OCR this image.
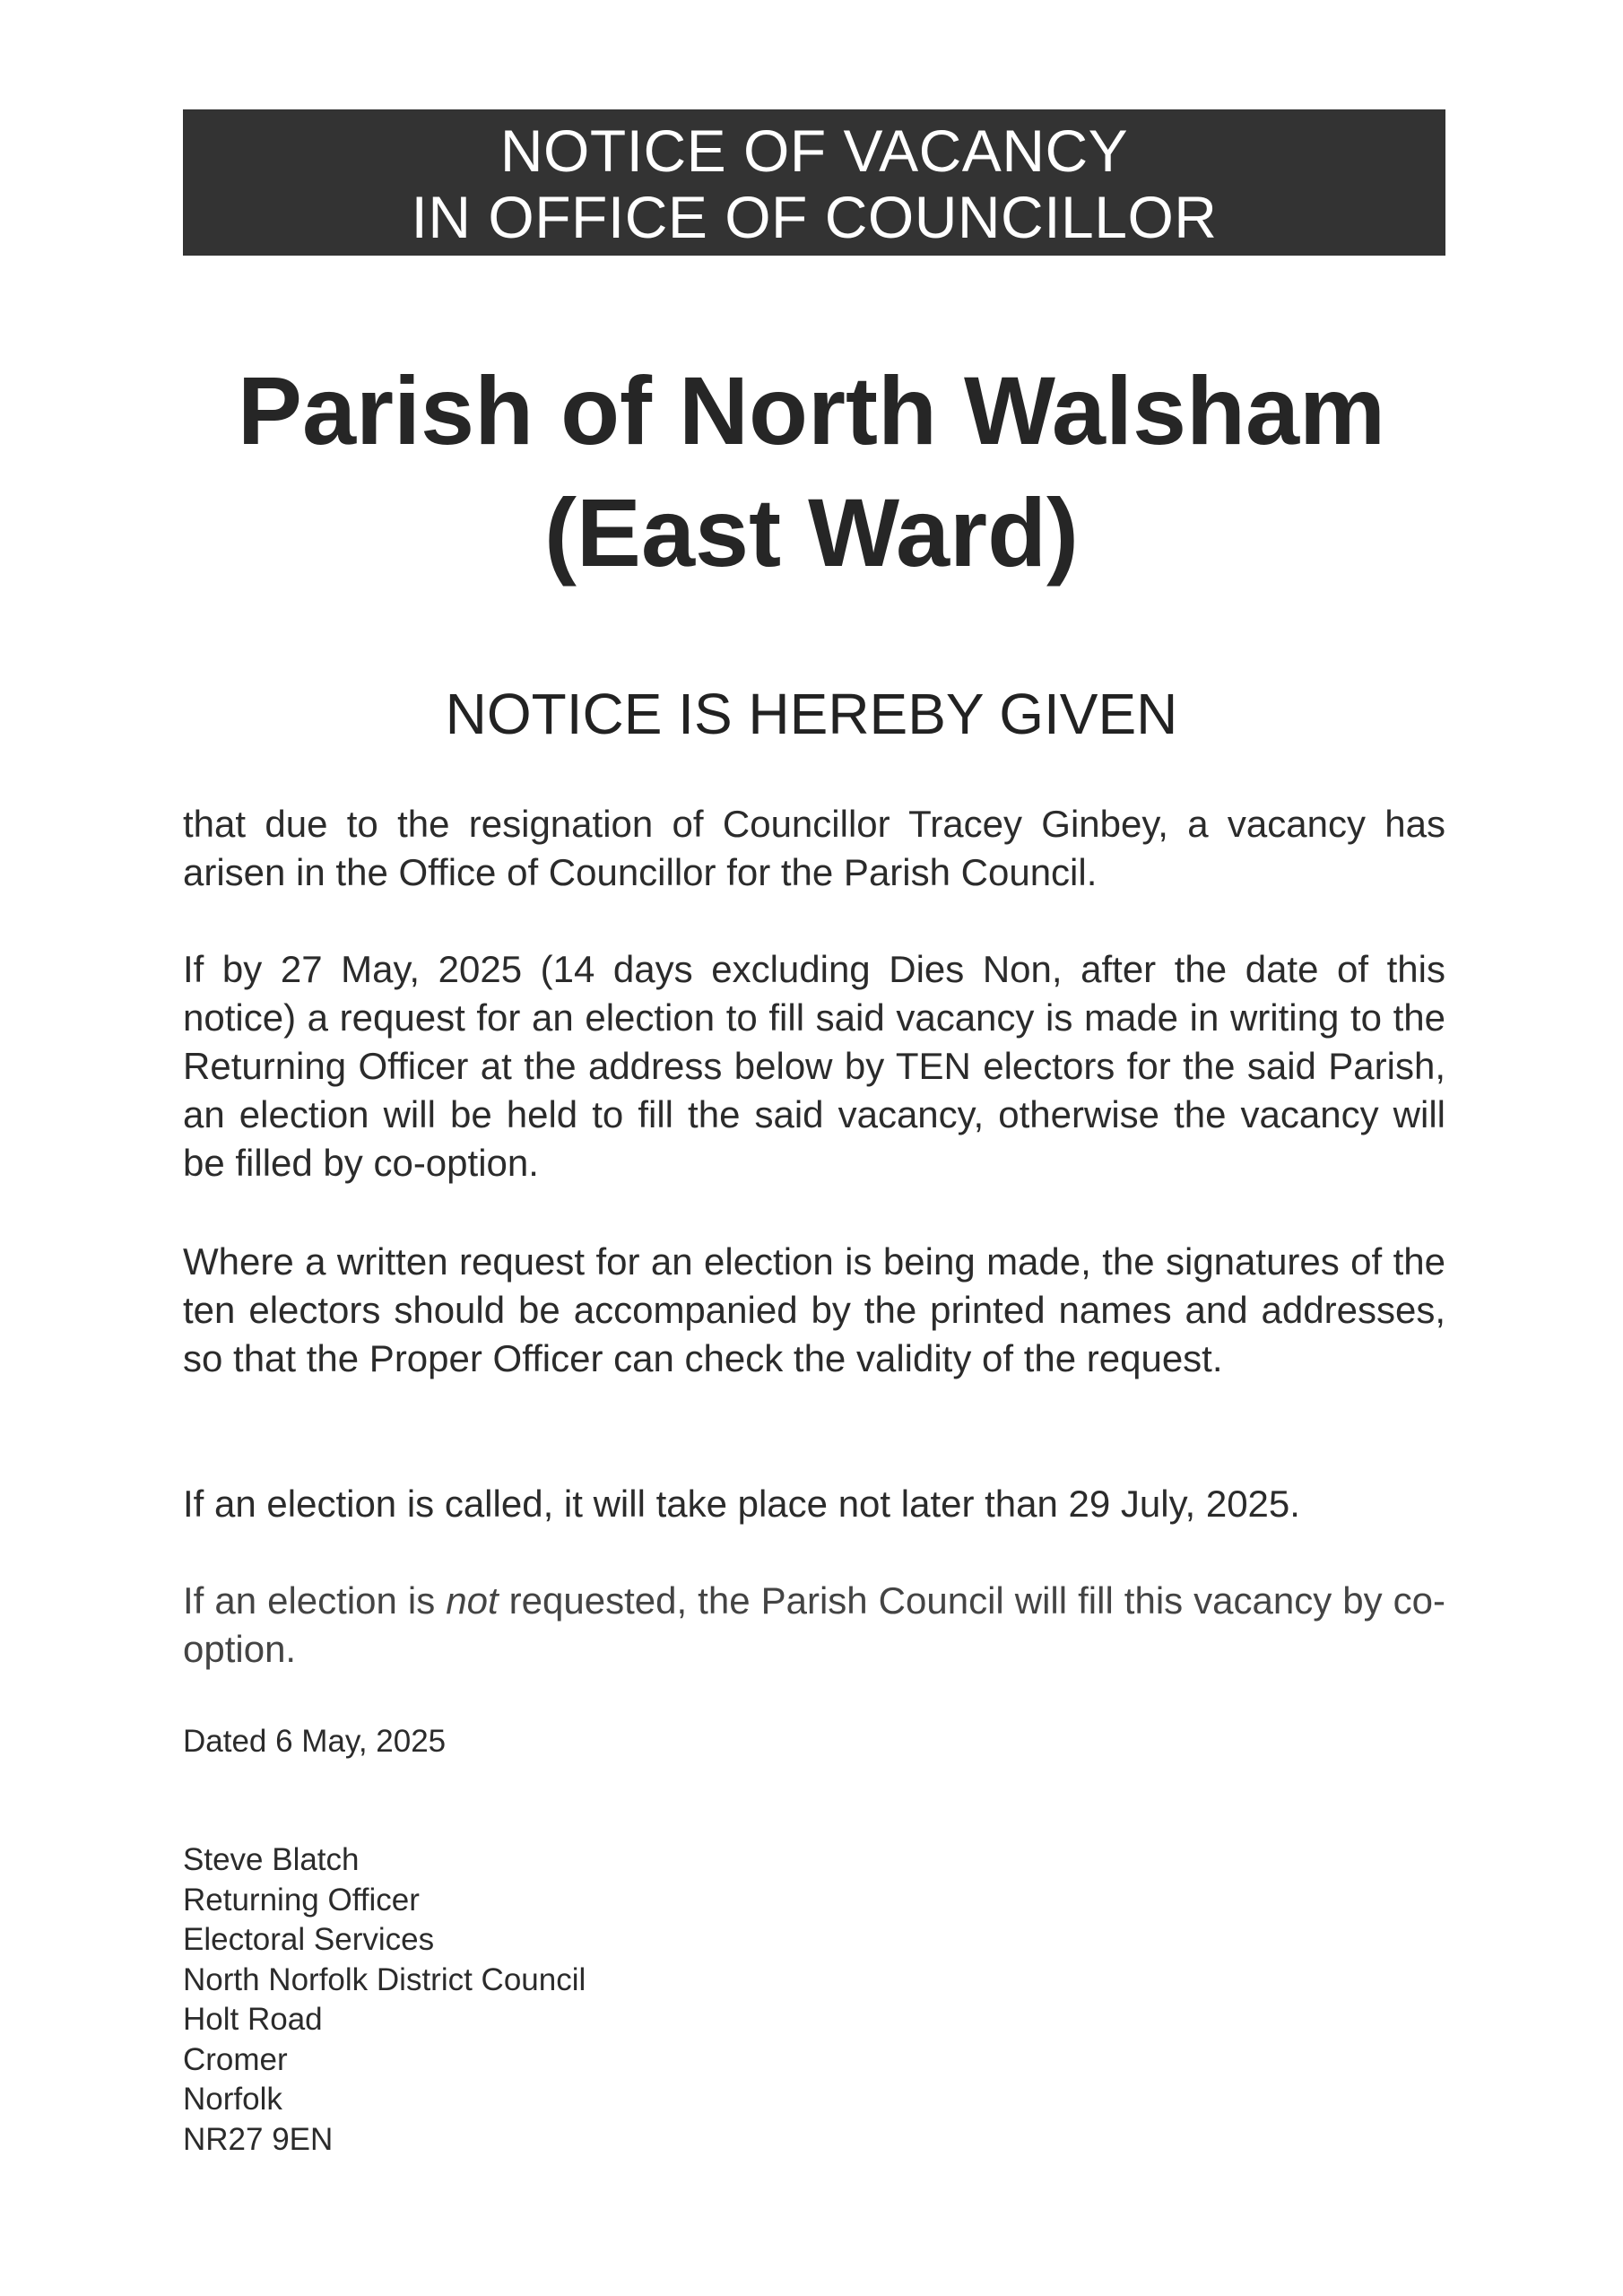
NOTICE OF VACANCY
IN OFFICE OF COUNCILLOR
Parish of North Walsham
(East Ward)
NOTICE IS HEREBY GIVEN

that due to the resignation of Councillor Tracey Ginbey, a vacancy has arisen in the Office of Councillor for the Parish Council.

If by 27 May, 2025 (14 days excluding Dies Non, after the date of this notice) a request for an election to fill said vacancy is made in writing to the Returning Officer at the address below by TEN electors for the said Parish, an election will be held to fill the said vacancy, otherwise the vacancy will be filled by co-option.

Where a written request for an election is being made, the signatures of the ten electors should be accompanied by the printed names and addresses, so that the Proper Officer can check the validity of the request.

If an election is called, it will take place not later than 29 July, 2025.

If an election is not requested, the Parish Council will fill this vacancy by co-option.

Dated 6 May, 2025
Steve Blatch
Returning Officer
Electoral Services
North Norfolk District Council
Holt Road
Cromer
Norfolk
NR27 9EN
